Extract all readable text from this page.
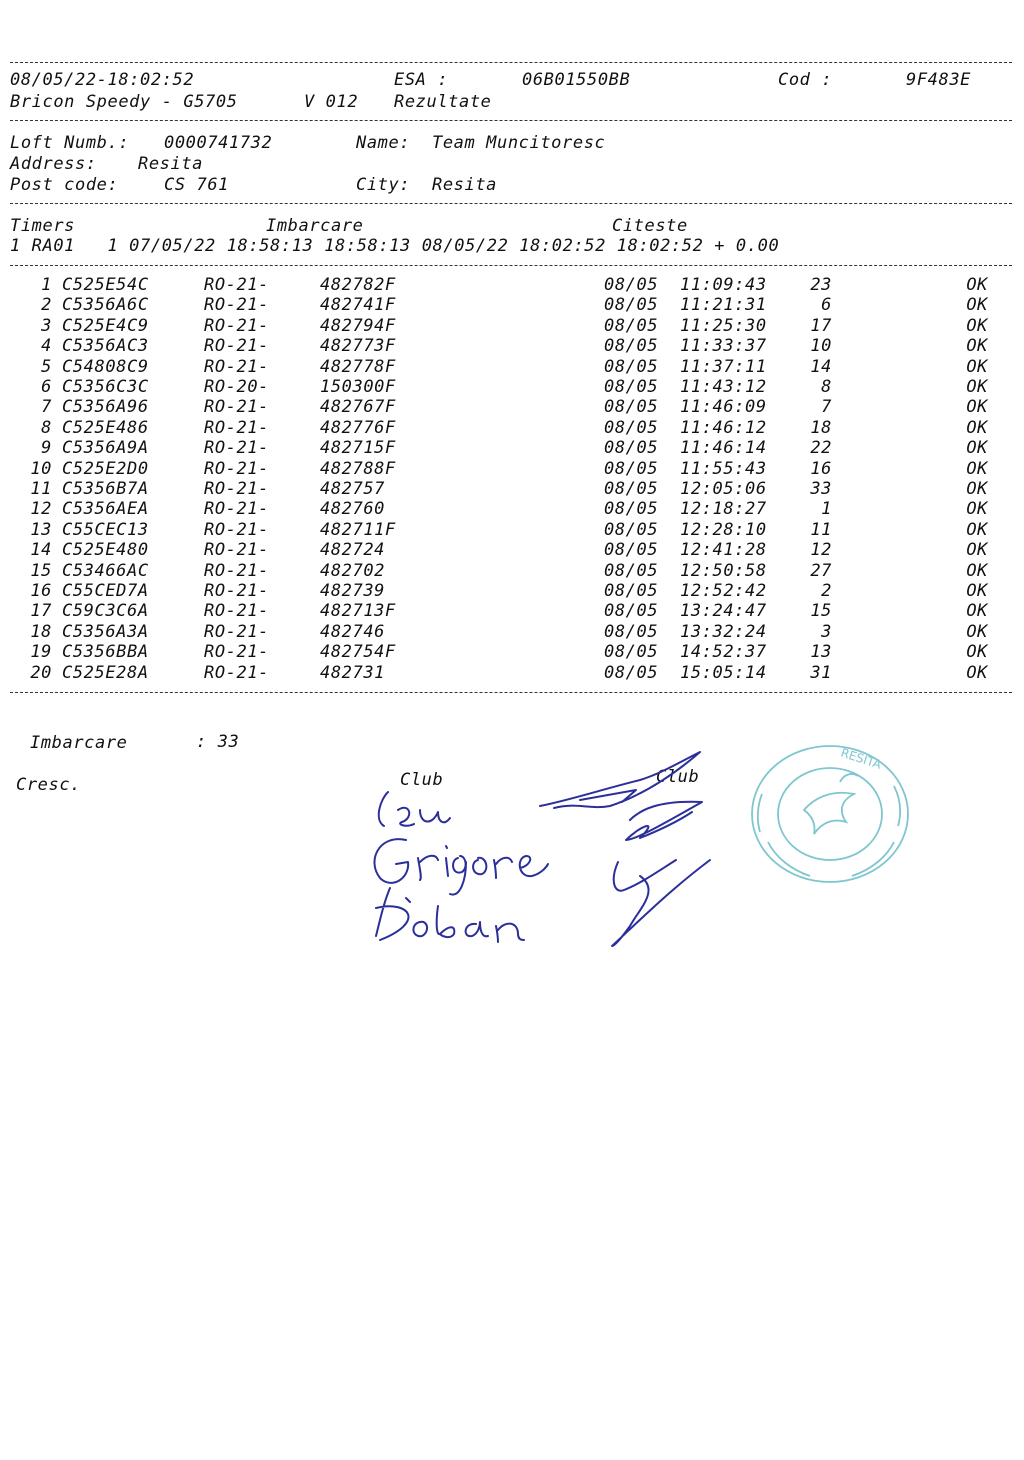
08/05/22-18:02:52	ESA :	06B01550BB	Cod :	9F483E
Bricon Speedy - G5705	V 012 Rezultate
Loft Numb.: 0000741732	Name: Team Muncitoresc
Address: Resita
Post code:	CS 761	City: Resita
Timers	Imbarcare	Citeste
1 RA01   1 07/05/22 18:58:13 18:58:13 08/05/22 18:02:52 18:02:52 + 0.00
1 C525E54C	RO-21-	482782F	08/05 11:09:43	23	OK
2 C5356A6C	RO-21-	482741F	08/05 11:21:31	6	OK
3 C525E4C9	RO-21-	482794F	08/05 11:25:30	17	OK
4 C5356AC3	RO-21-	482773F	08/05 11:33:37	10	OK
5 C54808C9	RO-21-	482778F	08/05 11:37:11	14	OK
6 C5356C3C	RO-20-	150300F	08/05 11:43:12	8	OK
7 C5356A96	RO-21-	482767F	08/05 11:46:09	7	OK
8 C525E486	RO-21-	482776F	08/05 11:46:12	18	OK
9 C5356A9A	RO-21-	482715F	08/05 11:46:14	22	OK
10 C525E2D0	RO-21-	482788F	08/05 11:55:43	16	OK
11 C5356B7A	RO-21-	482757	08/05 12:05:06	33	OK
12 C5356AEA	RO-21-	482760	08/05 12:18:27	1	OK
13 C55CEC13	RO-21-	482711F	08/05 12:28:10	11	OK
14 C525E480	RO-21-	482724	08/05 12:41:28	12	OK
15 C53466AC	RO-21-	482702	08/05 12:50:58	27	OK
16 C55CED7A	RO-21-	482739	08/05 12:52:42	2	OK
17 C59C3C6A	RO-21-	482713F	08/05 13:24:47	15	OK
18 C5356A3A	RO-21-	482746	08/05 13:32:24	3	OK
19 C5356BBA	RO-21-	482754F	08/05 14:52:37	13	OK
20 C525E28A	RO-21-	482731	08/05 15:05:14	31	OK
Imbarcare	: 33
Cresc.	Club	Club
RESITA
